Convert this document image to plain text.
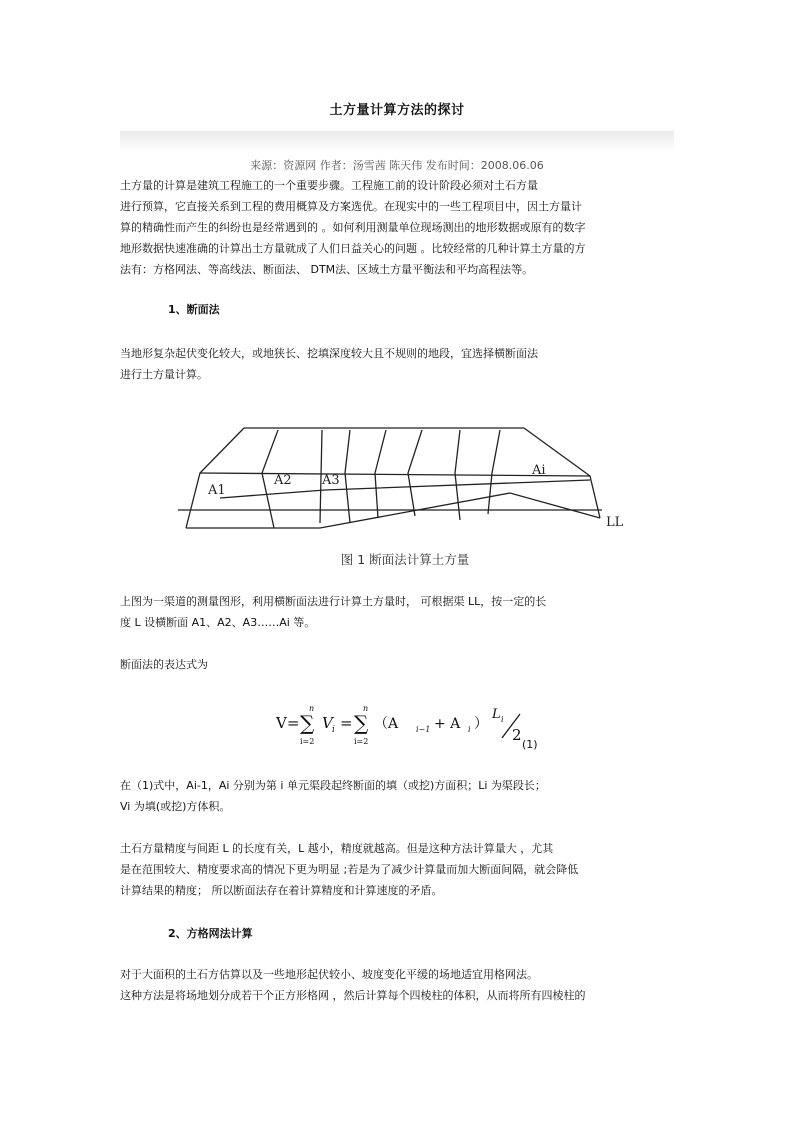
土方量计算方法的探讨
来源：资源网 作者：汤雪茜 陈天伟 发布时间：2008.06.06

土方量的计算是建筑工程施工的一个重要步骤。工程施工前的设计阶段必须对土石方量
进行预算，它直接关系到工程的费用概算及方案选优。在现实中的一些工程项目中，因土方量计
算的精确性而产生的纠纷也是经常遇到的 。如何利用测量单位现场测出的地形数据或原有的数字
地形数据快速准确的计算出土方量就成了人们日益关心的问题 。比较经常的几种计算土方量的方
法有：方格网法、等高线法、断面法、 DTM法、区域土方量平衡法和平均高程法等。

1、断面法

当地形复杂起伏变化较大，或地狭长、挖填深度较大且不规则的地段，宜选择横断面法
进行土方量计算。

A1
A2 A3
Ai
LL
图 1 断面法计算土方量

上图为一渠道的测量图形，利用横断面法进行计算土方量时， 可根据渠 LL，按一定的长
度 L 设横断面 A1、A2、A3……Ai 等。

断面法的表达式为

V= ∑
n
i=2
V i = ∑
n
i=2
（A i−1 + A i ）
L i
2
(1)

在（1)式中，Ai-1，Ai 分别为第 i 单元渠段起终断面的填（或挖)方面积；Li 为渠段长；
Vi 为填(或挖)方体积。

土石方量精度与间距 L 的长度有关，L 越小，精度就越高。但是这种方法计算量大 ，尤其
是在范围较大、精度要求高的情况下更为明显 ;若是为了减少计算量而加大断面间隔，就会降低
计算结果的精度； 所以断面法存在着计算精度和计算速度的矛盾。

2、方格网法计算

对于大面积的土石方估算以及一些地形起伏较小、坡度变化平缓的场地适宜用格网法。
这种方法是将场地划分成若干个正方形格网 ，然后计算每个四棱柱的体积，从而将所有四棱柱的
